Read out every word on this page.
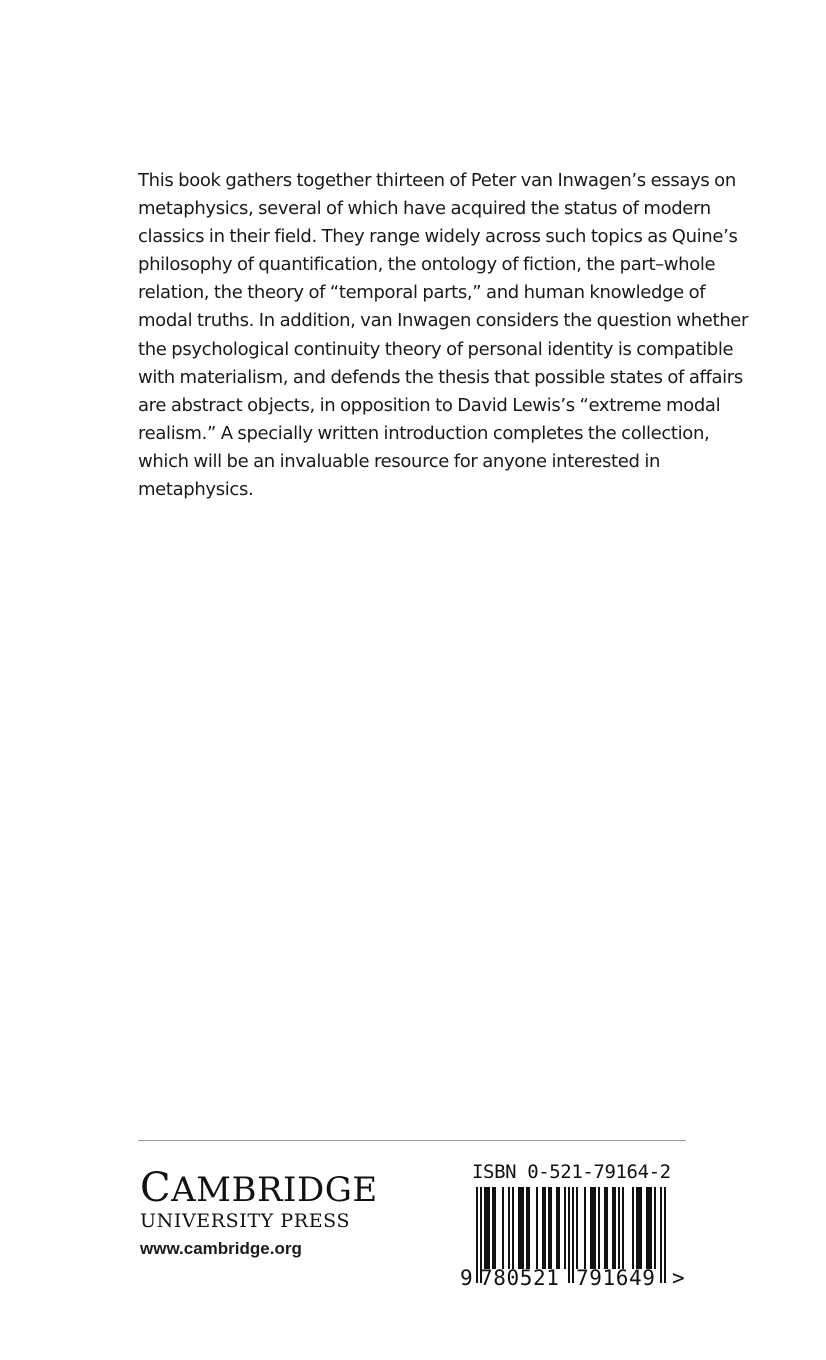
This book gathers together thirteen of Peter van Inwagen’s essays on
metaphysics, several of which have acquired the status of modern
classics in their field. They range widely across such topics as Quine’s
philosophy of quantification, the ontology of fiction, the part–whole
relation, the theory of “temporal parts,” and human knowledge of
modal truths. In addition, van Inwagen considers the question whether
the psychological continuity theory of personal identity is compatible
with materialism, and defends the thesis that possible states of affairs
are abstract objects, in opposition to David Lewis’s “extreme modal
realism.” A specially written introduction completes the collection,
which will be an invaluable resource for anyone interested in
metaphysics.
CAMBRIDGE
UNIVERSITY PRESS
www.cambridge.org
ISBN 0-521-79164-2
9 780521 791649 >
